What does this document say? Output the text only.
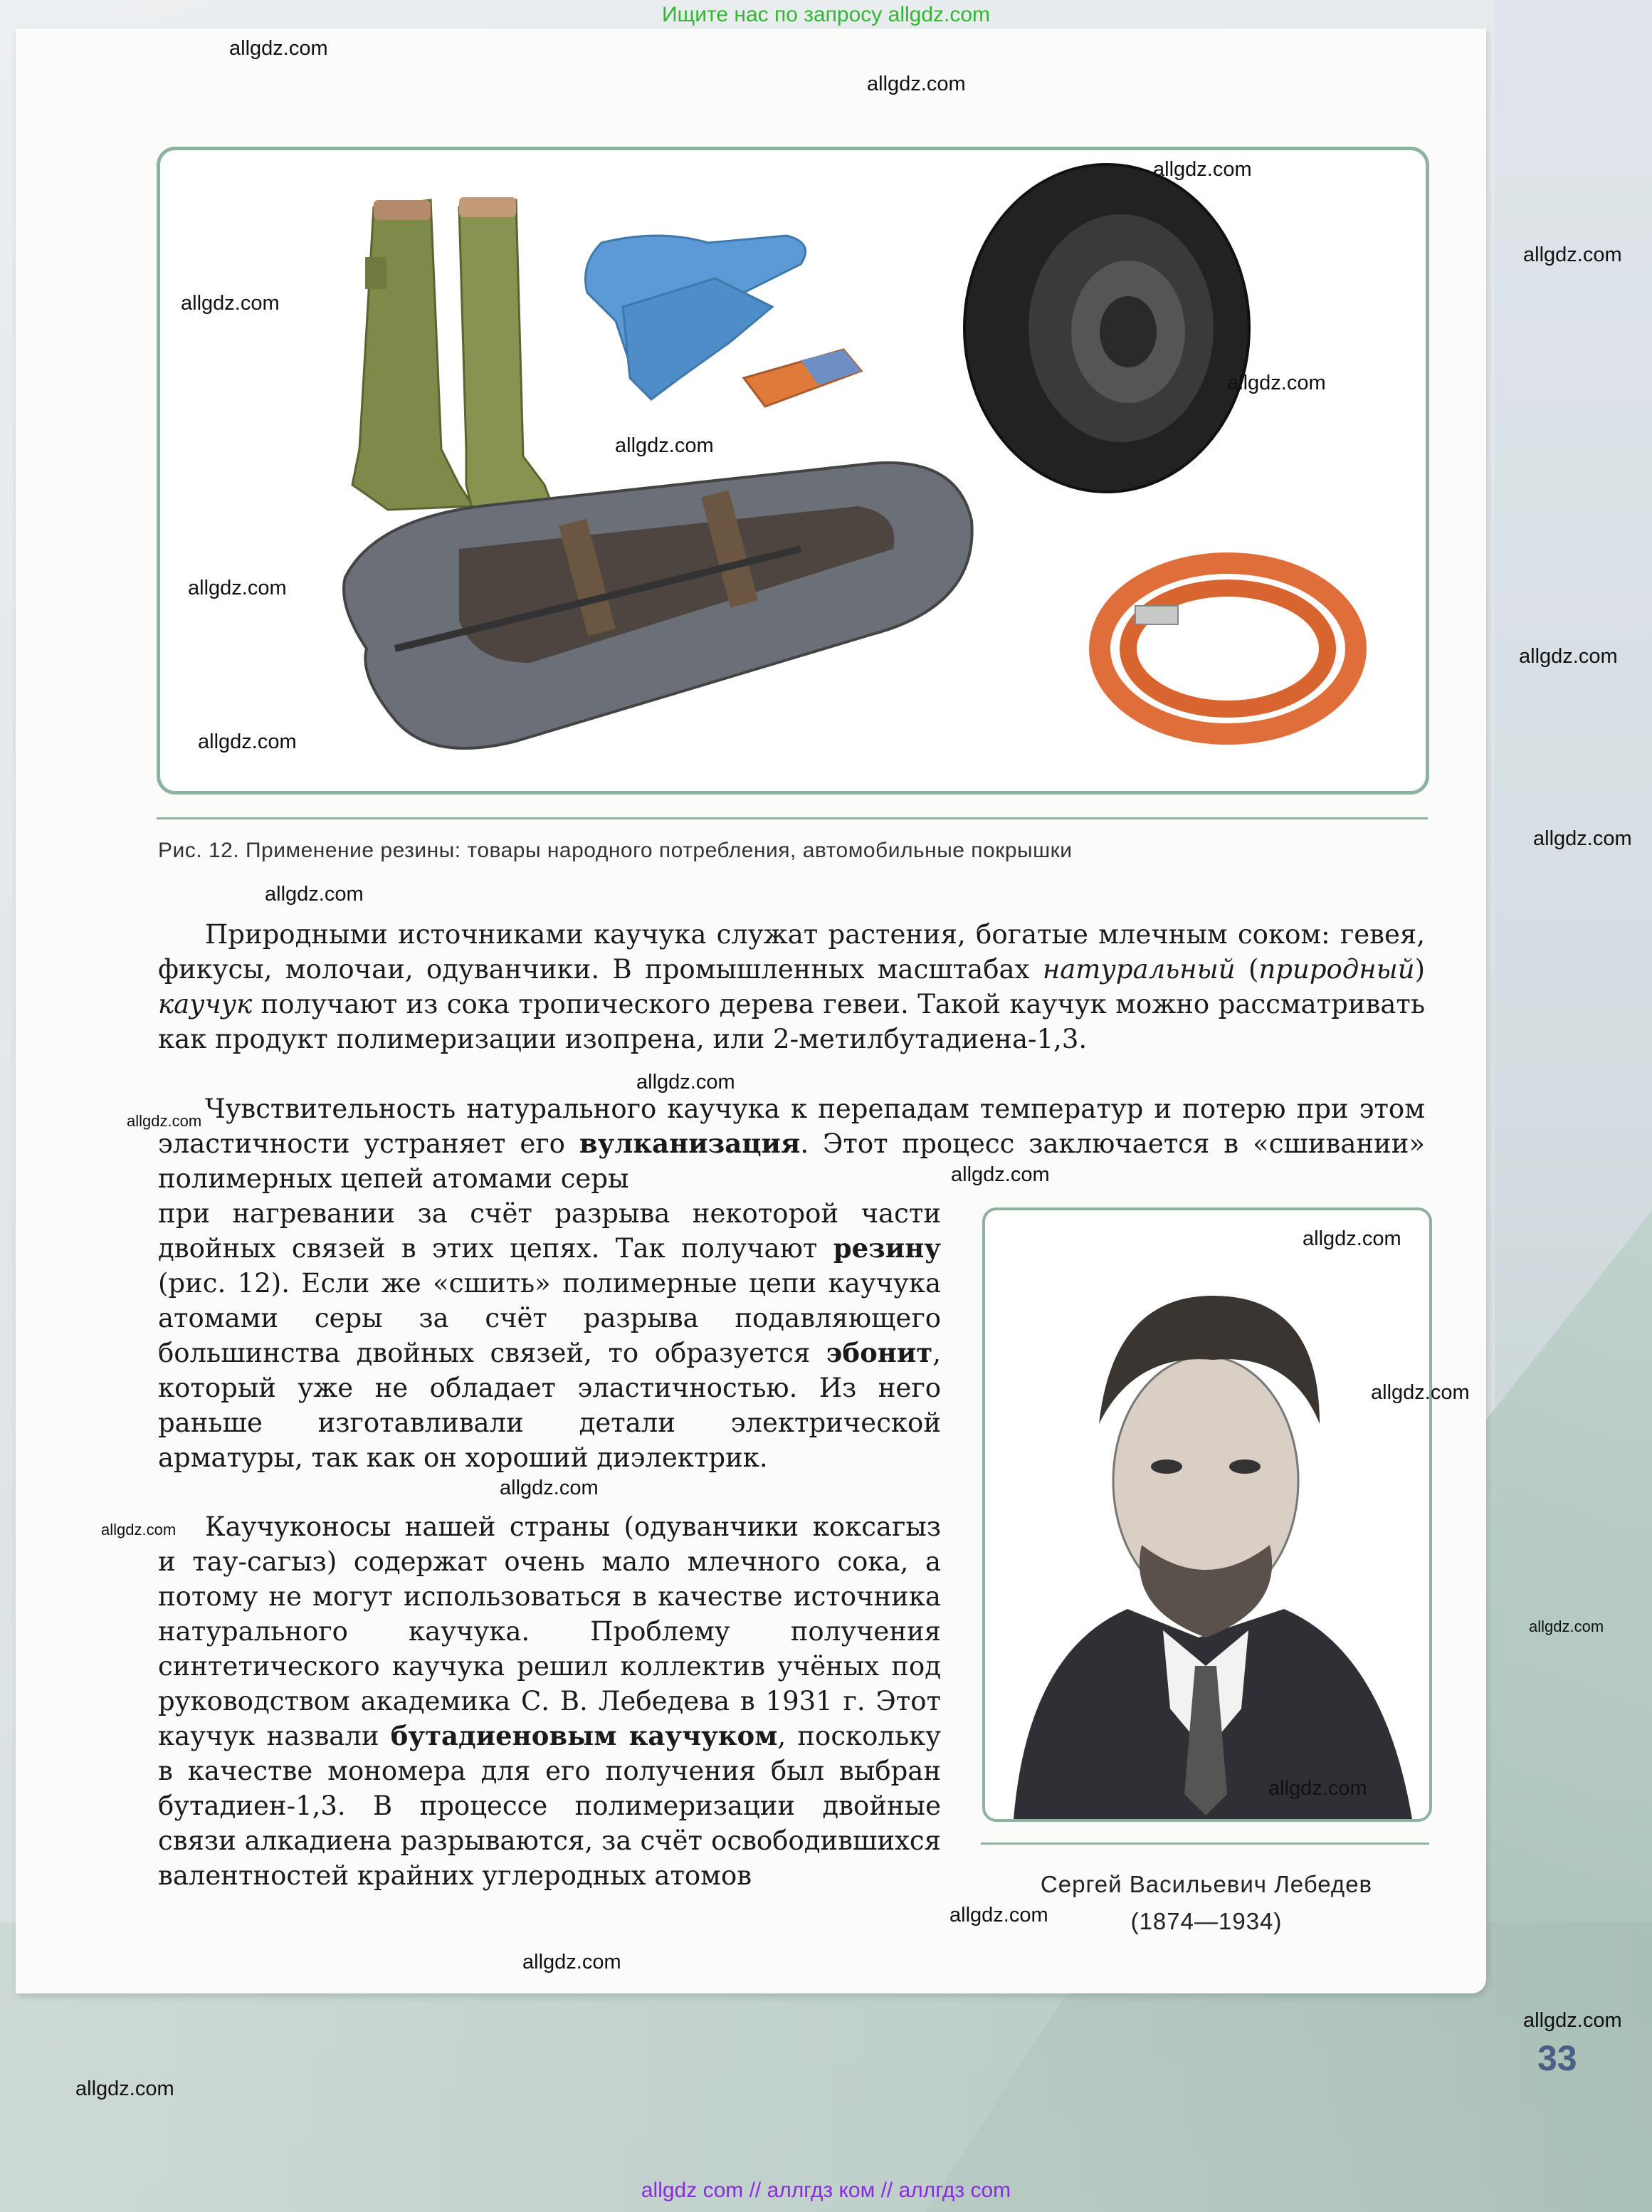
Ищите нас по запросу allgdz.com
Рис. 12. Применение резины: товары народного потребления, автомобильные покрышки
Природными источниками каучука служат растения, богатые млечным соком: гевея, фикусы, молочаи, одуванчики. В промышленных масштабах натуральный (природный) каучук получают из сока тропического дерева гевеи. Такой каучук можно рассматривать как продукт полимеризации изопрена, или 2-метилбутадиена-1,3.
Чувствительность натурального каучука к перепадам температур и потерю при этом эластичности устраняет его вулканизация. Этот процесс заключается в «сшивании» полимерных цепей атомами серы
при нагревании за счёт разрыва некоторой части двойных связей в этих цепях. Так получают резину (рис. 12). Если же «сшить» полимерные цепи каучука атомами серы за счёт разрыва подавляющего большинства двойных связей, то образуется эбонит, который уже не обладает эластичностью. Из него раньше изготавливали детали электрической арматуры, так как он хороший диэлектрик.
Каучуконосы нашей страны (одуванчики коксагыз и тау-сагыз) содержат очень мало млечного сока, а потому не могут использоваться в качестве источника натурального каучука. Проблему получения синтетического каучука решил коллектив учёных под руководством академика С. В. Лебедева в 1931 г. Этот каучук назвали бутадиеновым каучуком, поскольку в качестве мономера для его получения был выбран бутадиен-1,3. В процессе полимеризации двойные связи алкадиена разрываются, за счёт освободившихся валентностей крайних углеродных атомов	Сергей Васильевич Лебедев
(1874—1934)
33
allgdz.com
allgdz.com
allgdz.com
allgdz.com
allgdz.com
allgdz.com
allgdz.com
allgdz.com
allgdz.com
allgdz.com
allgdz.com
allgdz.com
allgdz.com
allgdz.com
allgdz.com
allgdz.com
allgdz.com
allgdz.com
allgdz.com
allgdz.com
allgdz.com
allgdz.com
allgdz.com
allgdz.com
allgdz.com
allgdz com // аллгдз ком // аллгдз com
